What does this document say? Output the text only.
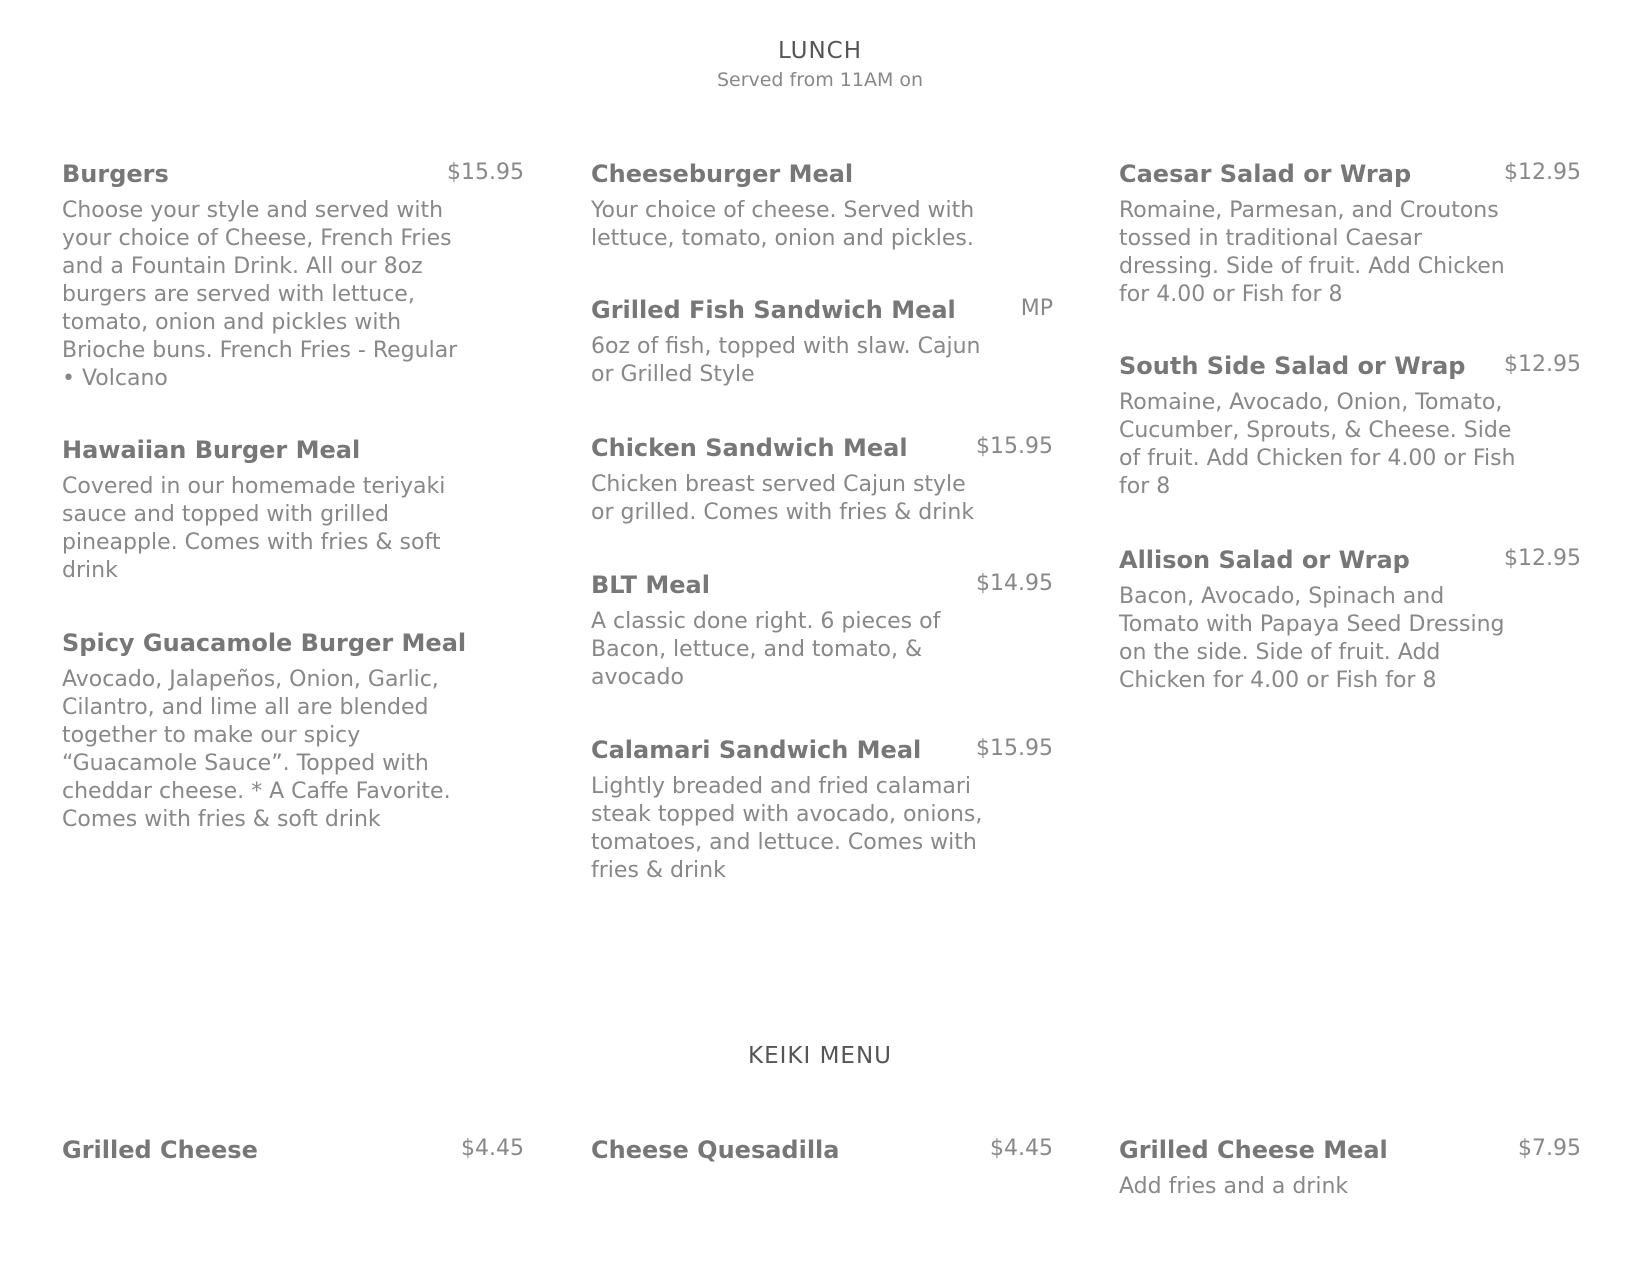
LUNCH
Served from 11AM on
Burgers	$15.95
Choose your style and served with your choice of Cheese, French Fries and a Fountain Drink. All our 8oz burgers are served with lettuce, tomato, onion and pickles with Brioche buns. French Fries - Regular • Volcano
Hawaiian Burger Meal
Covered in our homemade teriyaki sauce and topped with grilled pineapple. Comes with fries & soft drink
Spicy Guacamole Burger Meal
Avocado, Jalapeños, Onion, Garlic, Cilantro, and lime all are blended together to make our spicy “Guacamole Sauce”. Topped with cheddar cheese. * A Caffe Favorite. Comes with fries & soft drink
Cheeseburger Meal
Your choice of cheese. Served with lettuce, tomato, onion and pickles.
Grilled Fish Sandwich Meal	MP
6oz of fish, topped with slaw. Cajun or Grilled Style
Chicken Sandwich Meal	$15.95
Chicken breast served Cajun style or grilled. Comes with fries & drink
BLT Meal	$14.95
A classic done right. 6 pieces of Bacon, lettuce, and tomato, & avocado
Calamari Sandwich Meal $15.95
Lightly breaded and fried calamari steak topped with avocado, onions, tomatoes, and lettuce. Comes with fries & drink
Caesar Salad or Wrap	$12.95
Romaine, Parmesan, and Croutons tossed in traditional Caesar dressing. Side of fruit. Add Chicken for 4.00 or Fish for 8
South Side Salad or Wrap $12.95
Romaine, Avocado, Onion, Tomato, Cucumber, Sprouts, & Cheese. Side of fruit. Add Chicken for 4.00 or Fish for 8
Allison Salad or Wrap	$12.95
Bacon, Avocado, Spinach and Tomato with Papaya Seed Dressing on the side. Side of fruit. Add Chicken for 4.00 or Fish for 8
KEIKI MENU
Grilled Cheese	$4.45	Cheese Quesadilla	$4.45	Grilled Cheese Meal	$7.95
Add fries and a drink
